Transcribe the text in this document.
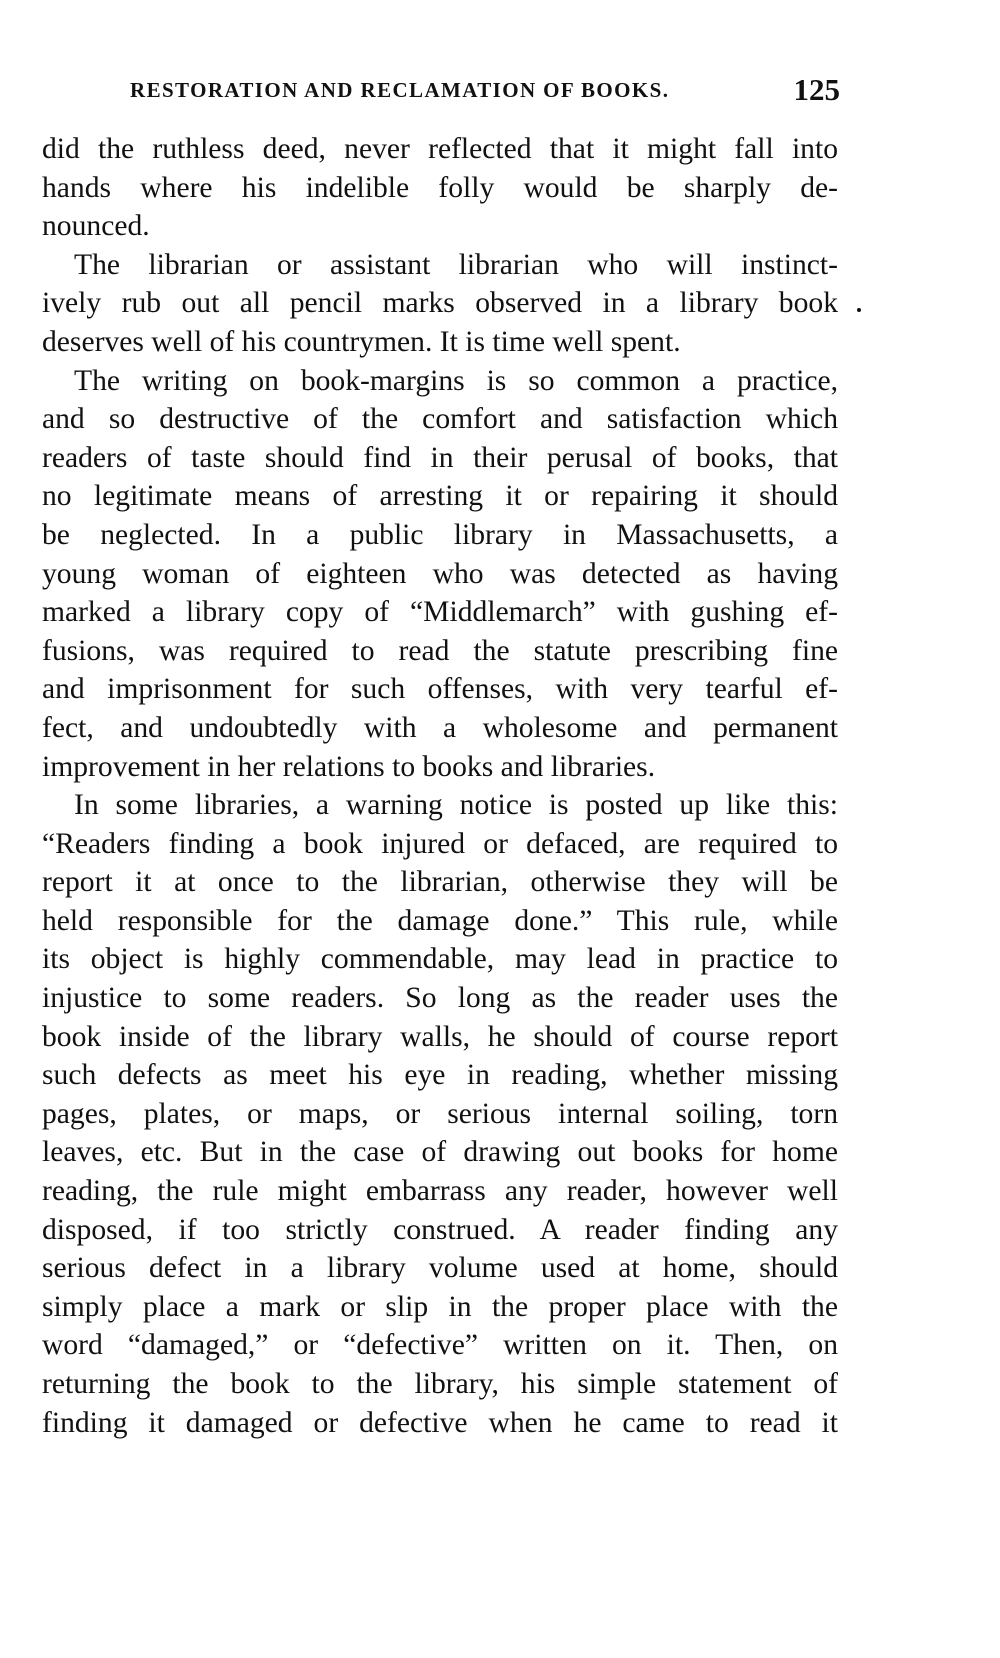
RESTORATION AND RECLAMATION OF BOOKS.	125
did the ruthless deed, never reflected that it might fall into
hands where his indelible folly would be sharply de-
nounced.
The librarian or assistant librarian who will instinct-
ively rub out all pencil marks observed in a library book
deserves well of his countrymen. It is time well spent.
The writing on book-margins is so common a practice,
and so destructive of the comfort and satisfaction which
readers of taste should find in their perusal of books, that
no legitimate means of arresting it or repairing it should
be neglected. In a public library in Massachusetts, a
young woman of eighteen who was detected as having
marked a library copy of “Middlemarch” with gushing ef-
fusions, was required to read the statute prescribing fine
and imprisonment for such offenses, with very tearful ef-
fect, and undoubtedly with a wholesome and permanent
improvement in her relations to books and libraries.
In some libraries, a warning notice is posted up like this:
“Readers finding a book injured or defaced, are required to
report it at once to the librarian, otherwise they will be
held responsible for the damage done.” This rule, while
its object is highly commendable, may lead in practice to
injustice to some readers. So long as the reader uses the
book inside of the library walls, he should of course report
such defects as meet his eye in reading, whether missing
pages, plates, or maps, or serious internal soiling, torn
leaves, etc. But in the case of drawing out books for home
reading, the rule might embarrass any reader, however well
disposed, if too strictly construed. A reader finding any
serious defect in a library volume used at home, should
simply place a mark or slip in the proper place with the
word “damaged,” or “defective” written on it. Then, on
returning the book to the library, his simple statement of
finding it damaged or defective when he came to read it
